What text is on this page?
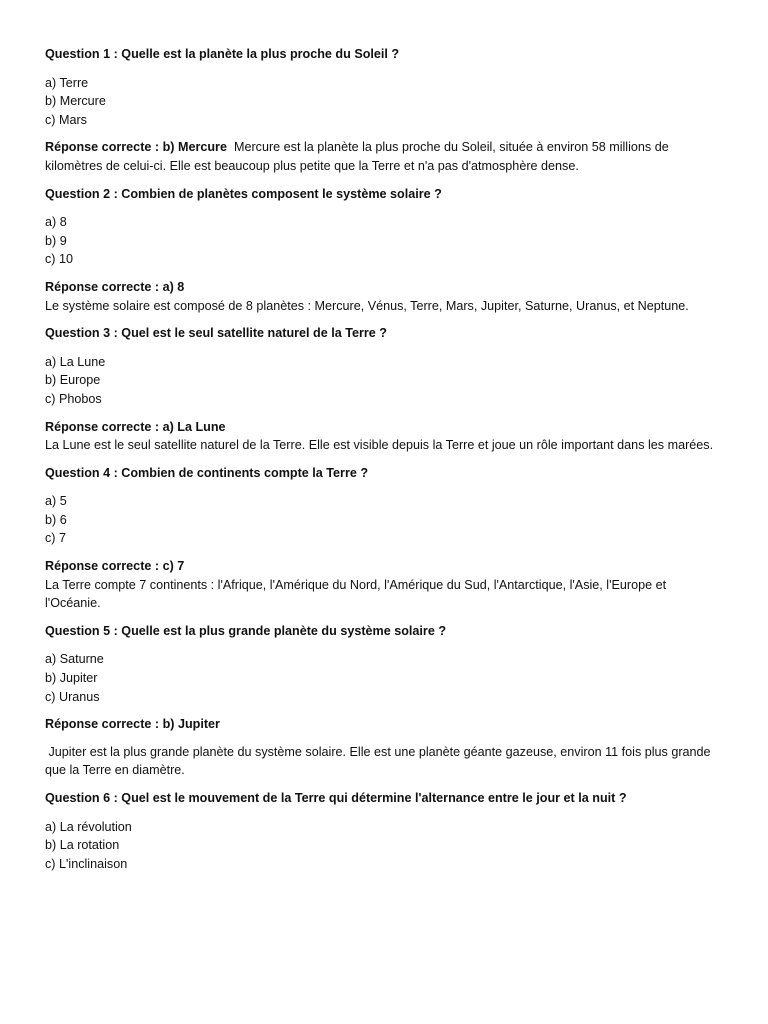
Question 1 : Quelle est la planète la plus proche du Soleil ?

a) Terre
b) Mercure
c) Mars

Réponse correcte : b) Mercure Mercure est la planète la plus proche du Soleil, située à environ 58 millions de kilomètres de celui-ci. Elle est beaucoup plus petite que la Terre et n'a pas d'atmosphère dense.

Question 2 : Combien de planètes composent le système solaire ?

a) 8
b) 9
c) 10

Réponse correcte : a) 8
Le système solaire est composé de 8 planètes : Mercure, Vénus, Terre, Mars, Jupiter, Saturne, Uranus, et Neptune.

Question 3 : Quel est le seul satellite naturel de la Terre ?

a) La Lune
b) Europe
c) Phobos

Réponse correcte : a) La Lune
La Lune est le seul satellite naturel de la Terre. Elle est visible depuis la Terre et joue un rôle important dans les marées.

Question 4 : Combien de continents compte la Terre ?

a) 5
b) 6
c) 7

Réponse correcte : c) 7
La Terre compte 7 continents : l'Afrique, l'Amérique du Nord, l'Amérique du Sud, l'Antarctique, l'Asie, l'Europe et l'Océanie.

Question 5 : Quelle est la plus grande planète du système solaire ?

a) Saturne
b) Jupiter
c) Uranus

Réponse correcte : b) Jupiter
Jupiter est la plus grande planète du système solaire. Elle est une planète géante gazeuse, environ 11 fois plus grande que la Terre en diamètre.

Question 6 : Quel est le mouvement de la Terre qui détermine l'alternance entre le jour et la nuit ?

a) La révolution
b) La rotation
c) L'inclinaison
